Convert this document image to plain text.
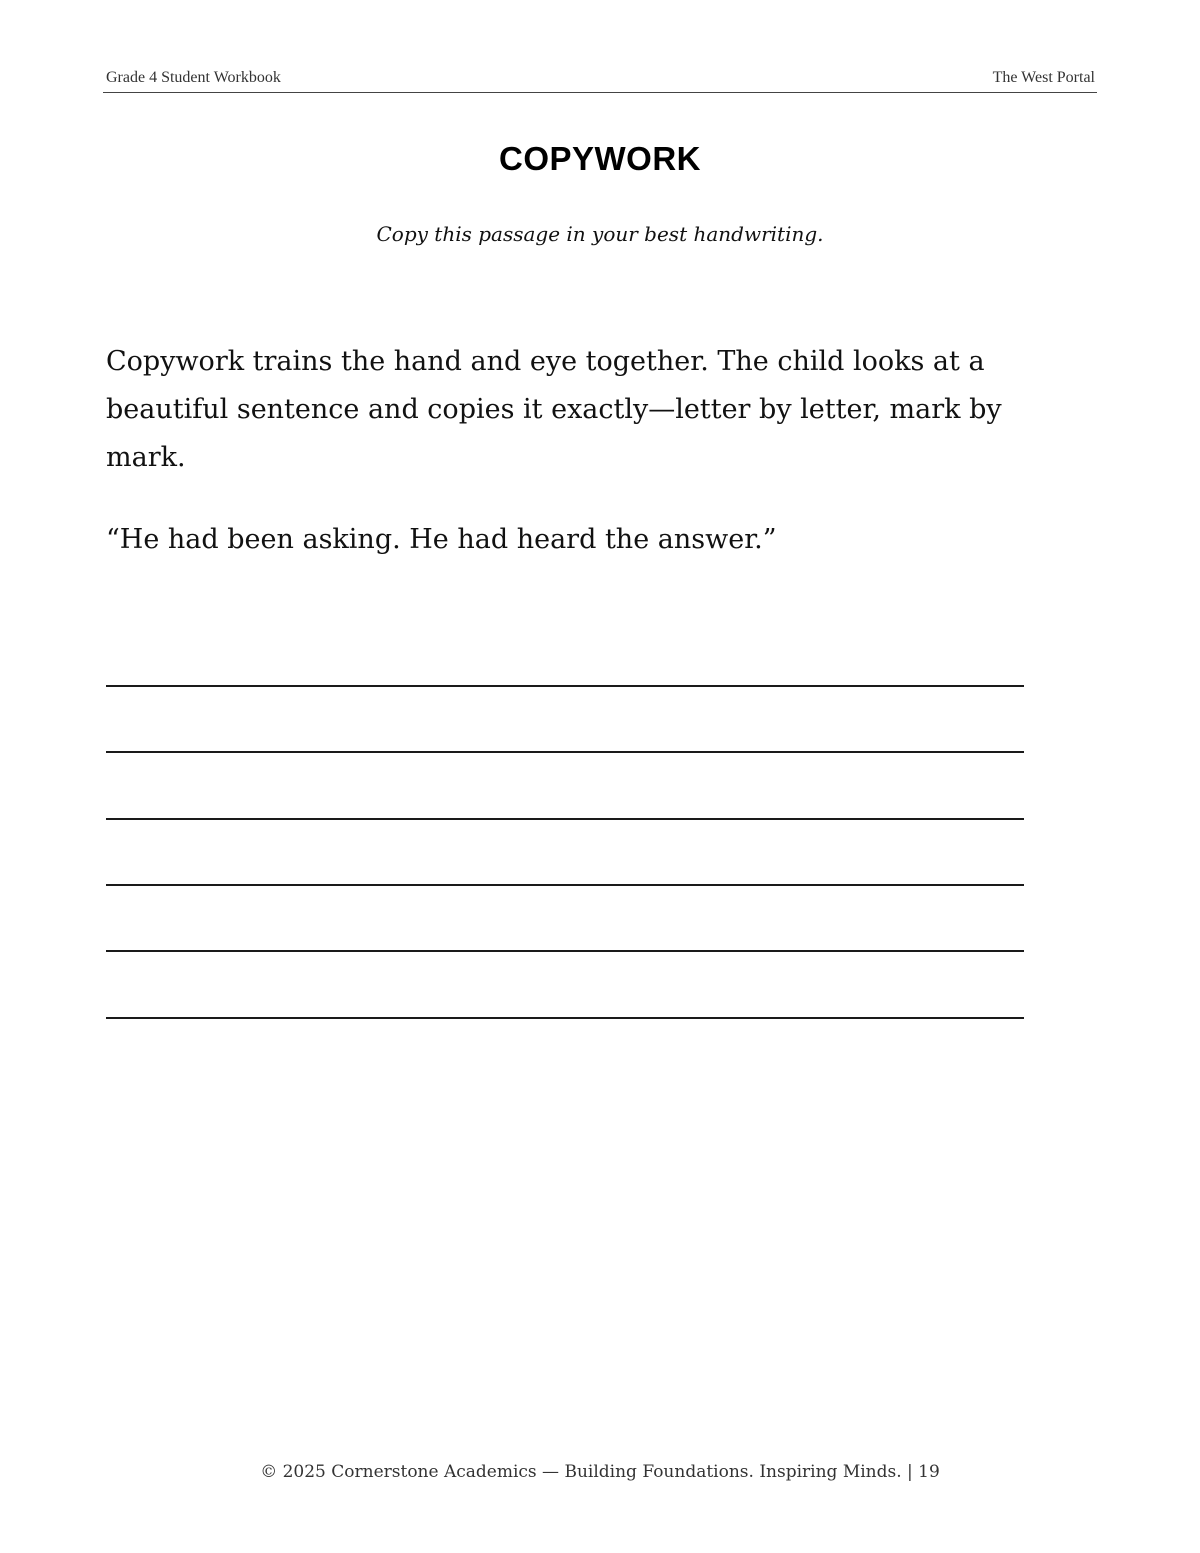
Grade 4 Student Workbook	The West Portal
COPYWORK
Copy this passage in your best handwriting.
Copywork trains the hand and eye together. The child looks at a beautiful sentence and copies it exactly—letter by letter, mark by mark.
“He had been asking. He had heard the answer.”
© 2025 Cornerstone Academics — Building Foundations. Inspiring Minds. | 19
